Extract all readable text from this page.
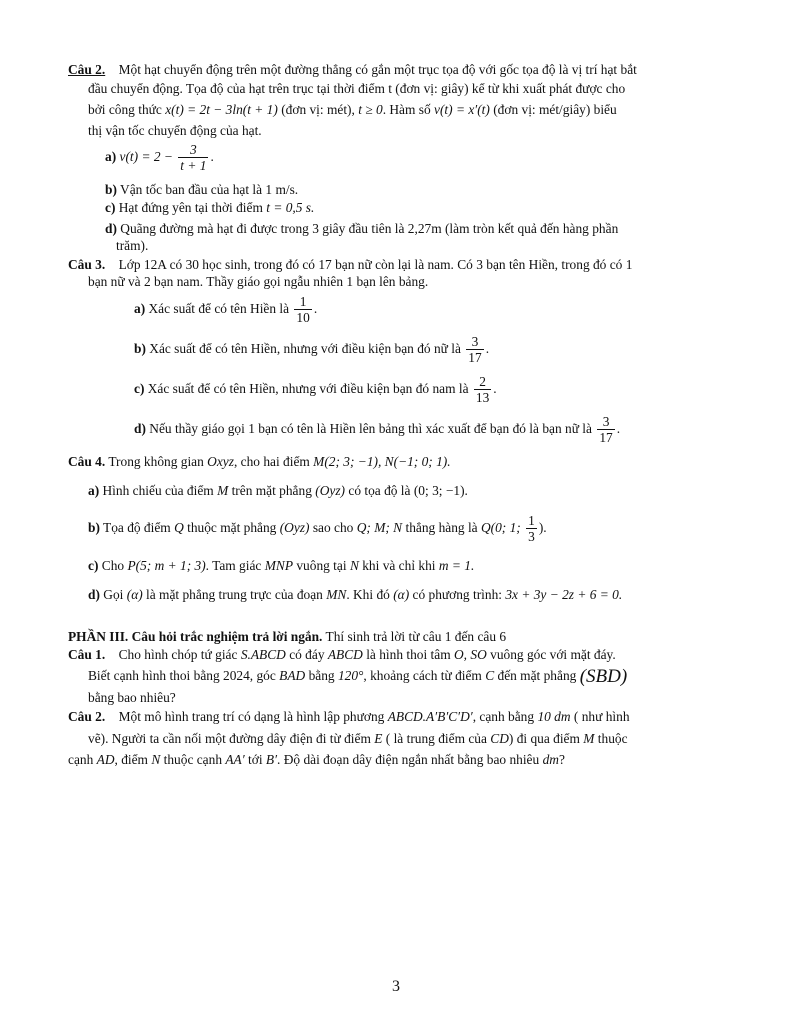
Câu 2. Một hạt chuyển động trên một đường thẳng có gắn một trục tọa độ với gốc tọa độ là vị trí hạt bắt
đầu chuyển động. Tọa độ của hạt trên trục tại thời điểm t (đơn vị: giây) kể từ khi xuất phát được cho
bởi công thức x(t) = 2t − 3ln(t + 1) (đơn vị: mét), t ≥ 0. Hàm số v(t) = x′(t) (đơn vị: mét/giây) biểu
thị vận tốc chuyển động của hạt.
a) $v(t) = 2 - \frac{3}{t + 1}$ .
b) Vận tốc ban đầu của hạt là 1 m/s.
c) Hạt đứng yên tại thời điểm t = 0,5 s.
d) Quãng đường mà hạt đi được trong 3 giây đầu tiên là 2,27m (làm tròn kết quả đến hàng phần
trăm).
Câu 3. Lớp 12A có 30 học sinh, trong đó có 17 bạn nữ còn lại là nam. Có 3 bạn tên Hiền, trong đó có 1
bạn nữ và 2 bạn nam. Thầy giáo gọi ngẫu nhiên 1 bạn lên bảng.
a) Xác suất để có tên Hiền là $\frac{1}{10}$ .
b) Xác suất để có tên Hiền, nhưng với điều kiện bạn đó nữ là $\frac{3}{17}$ .
c) Xác suất để có tên Hiền, nhưng với điều kiện bạn đó nam là $\frac{2}{13}$ .
d) Nếu thầy giáo gọi 1 bạn có tên là Hiền lên bảng thì xác xuất để bạn đó là bạn nữ là $\frac{3}{17}$ .
Câu 4. Trong không gian Oxyz, cho hai điểm M(2; 3; −1), N(−1; 0; 1).
a) Hình chiếu của điểm M trên mặt phẳng (Oyz) có tọa độ là (0; 3; −1).
b) Tọa độ điểm Q thuộc mặt phẳng (Oyz) sao cho Q; M; N thẳng hàng là Q(0; 1; $\frac{1}{3}$ ).
c) Cho P(5; m + 1; 3). Tam giác MNP vuông tại N khi và chỉ khi m = 1.
d) Gọi (α) là mặt phẳng trung trực của đoạn MN. Khi đó (α) có phương trình: 3x + 3y − 2z + 6 = 0.
PHẦN III. Câu hỏi trắc nghiệm trả lời ngắn. Thí sinh trả lời từ câu 1 đến câu 6
Câu 1. Cho hình chóp tứ giác S.ABCD có đáy ABCD là hình thoi tâm O, SO vuông góc với mặt đáy.
Biết cạnh hình thoi bằng 2024, góc BAD bằng 120°, khoảng cách từ điểm C đến mặt phẳng (SBD)
bằng bao nhiêu?
Câu 2. Một mô hình trang trí có dạng là hình lập phương ABCD.A′B′C′D′, cạnh bằng 10 dm ( như hình
vẽ). Người ta cần nối một đường dây điện đi từ điểm E ( là trung điểm của CD) đi qua điểm M thuộc
cạnh AD, điểm N thuộc cạnh AA′ tới B′. Độ dài đoạn dây điện ngắn nhất bằng bao nhiêu dm?
3
